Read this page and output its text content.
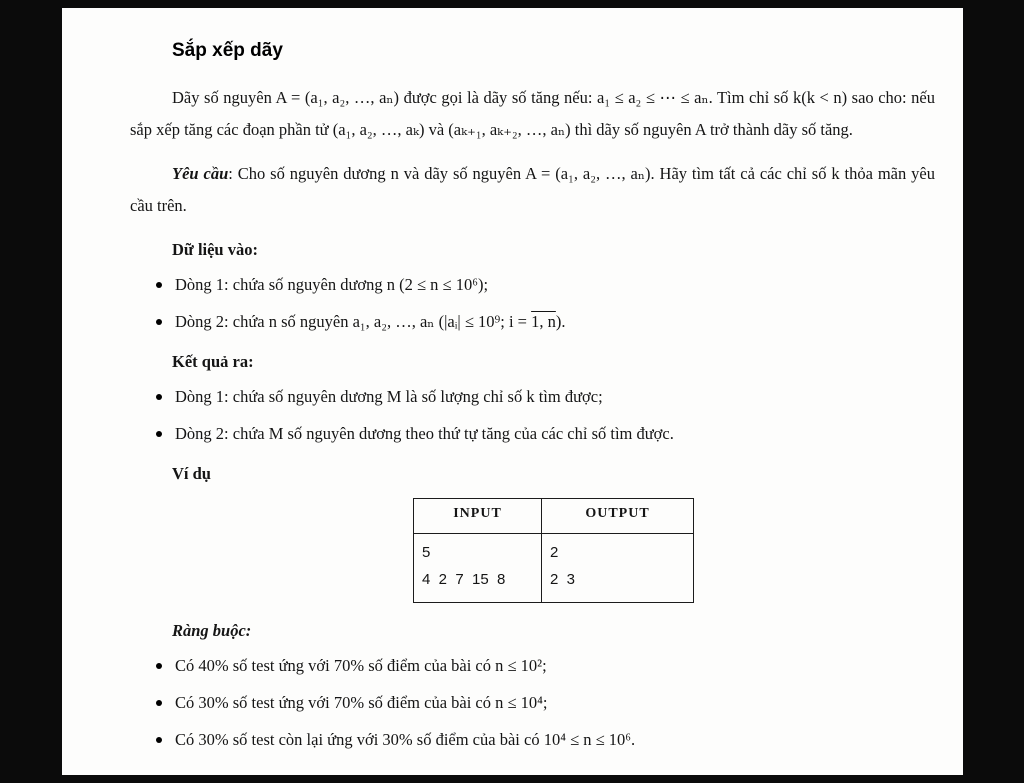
Sắp xếp dãy

Dãy số nguyên A = (a₁, a₂, …, aₙ) được gọi là dãy số tăng nếu: a₁ ≤ a₂ ≤ ⋯ ≤ aₙ. Tìm chỉ số k(k < n) sao cho: nếu sắp xếp tăng các đoạn phần tử (a₁, a₂, …, aₖ) và (aₖ₊₁, aₖ₊₂, …, aₙ) thì dãy số nguyên A trở thành dãy số tăng.

Yêu cầu: Cho số nguyên dương n và dãy số nguyên A = (a₁, a₂, …, aₙ). Hãy tìm tất cả các chỉ số k thỏa mãn yêu cầu trên.

Dữ liệu vào:
Dòng 1: chứa số nguyên dương n (2 ≤ n ≤ 10⁶);
Dòng 2: chứa n số nguyên a₁, a₂, …, aₙ (|aᵢ| ≤ 10⁹; i = 1, n).
Kết quả ra:
Dòng 1: chứa số nguyên dương M là số lượng chỉ số k tìm được;
Dòng 2: chứa M số nguyên dương theo thứ tự tăng của các chỉ số tìm được.
Ví dụ
INPUT	OUTPUT
5	2
4  2  7  15  8	2  3
Ràng buộc:
Có 40% số test ứng với 70% số điểm của bài có n ≤ 10²;
Có 30% số test ứng với 70% số điểm của bài có n ≤ 10⁴;
Có 30% số test còn lại ứng với 30% số điểm của bài có 10⁴ ≤ n ≤ 10⁶.
